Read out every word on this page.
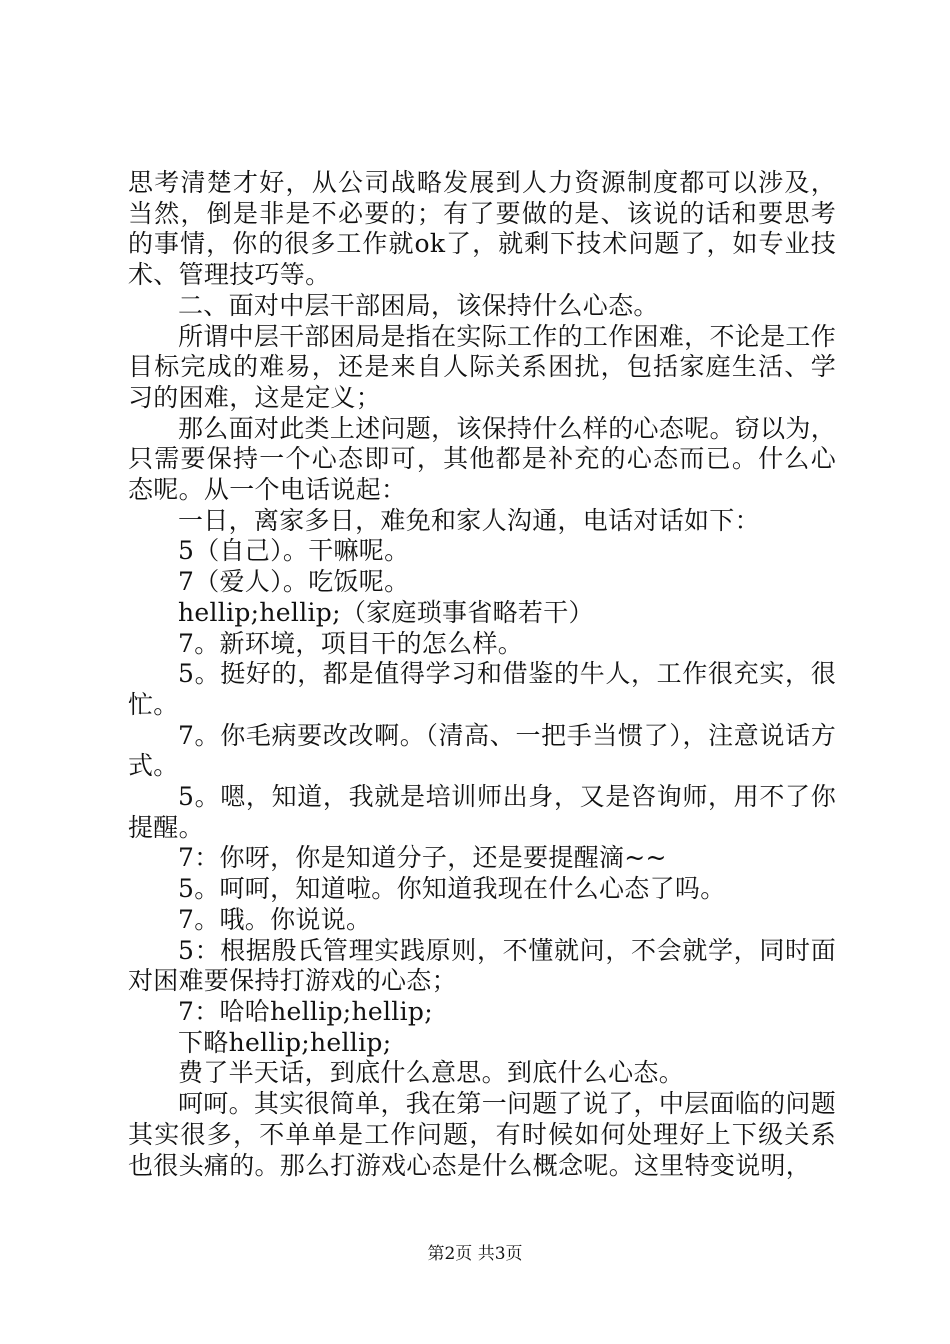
思考清楚才好，从公司战略发展到人力资源制度都可以涉及，当然，倒是非是不必要的；有了要做的是、该说的话和要思考的事情，你的很多工作就ok了，就剩下技术问题了，如专业技术、管理技巧等。

二、面对中层干部困局，该保持什么心态。

所谓中层干部困局是指在实际工作的工作困难，不论是工作目标完成的难易，还是来自人际关系困扰，包括家庭生活、学习的困难，这是定义；

那么面对此类上述问题，该保持什么样的心态呢。窃以为，只需要保持一个心态即可，其他都是补充的心态而已。什么心态呢。从一个电话说起：

一日，离家多日，难免和家人沟通，电话对话如下：

5（自己）。干嘛呢。

7（爱人）。吃饭呢。

hellip;hellip;（家庭琐事省略若干）

7。新环境，项目干的怎么样。

5。挺好的，都是值得学习和借鉴的牛人，工作很充实，很忙。

7。你毛病要改改啊。（清高、一把手当惯了），注意说话方式。

5。嗯，知道，我就是培训师出身，又是咨询师，用不了你提醒。

7：你呀，你是知道分子，还是要提醒滴~~

5。呵呵，知道啦。你知道我现在什么心态了吗。

7。哦。你说说。

5：根据殷氏管理实践原则，不懂就问，不会就学，同时面对困难要保持打游戏的心态；

7：哈哈hellip;hellip;

下略hellip;hellip;

费了半天话，到底什么意思。到底什么心态。

呵呵。其实很简单，我在第一问题了说了，中层面临的问题其实很多，不单单是工作问题，有时候如何处理好上下级关系也很头痛的。那么打游戏心态是什么概念呢。这里特变说明，

第2页 共3页
